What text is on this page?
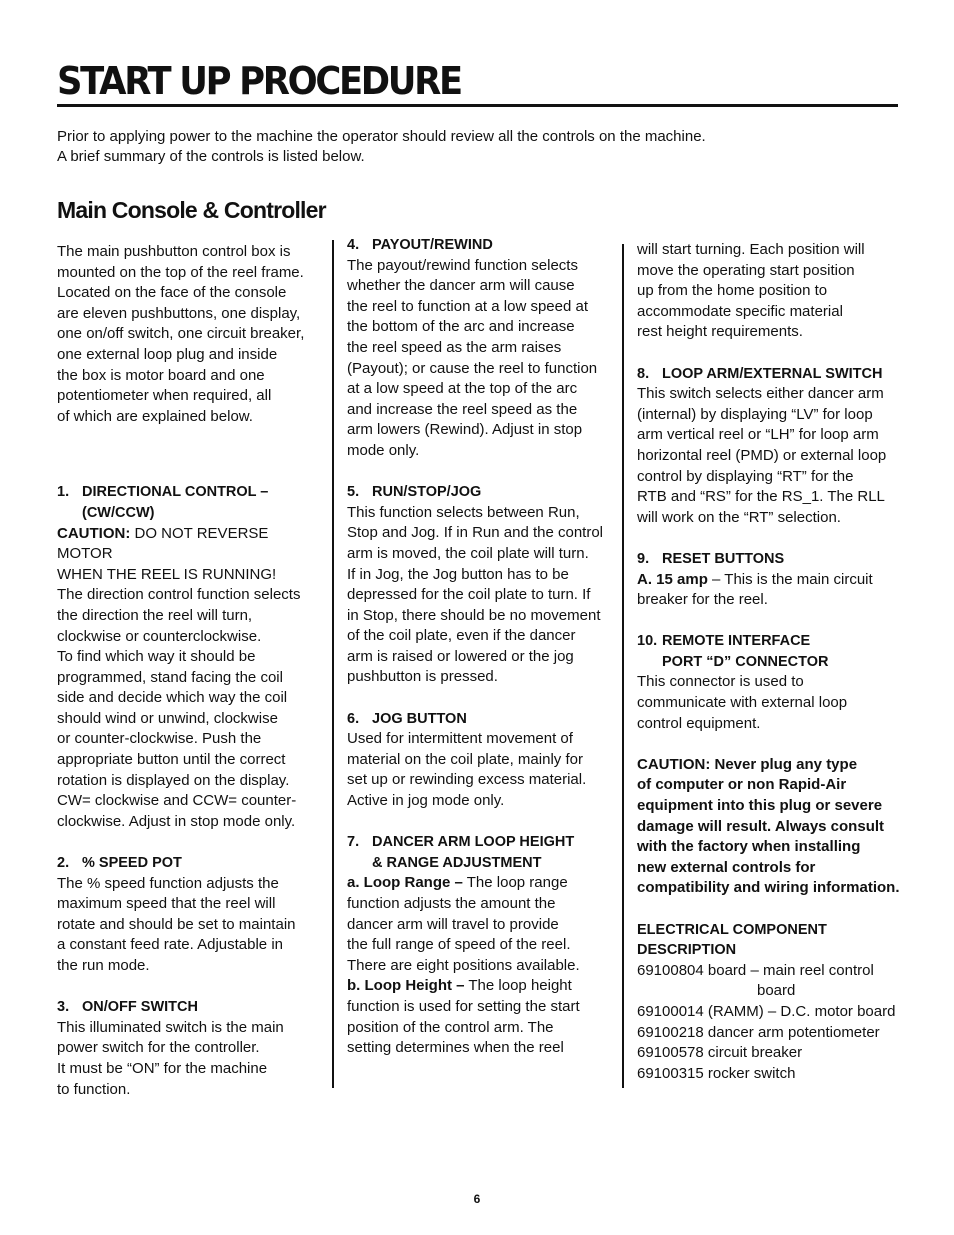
START UP PROCEDURE

Prior to applying power to the machine the operator should review all the controls on the machine.

A brief summary of the controls is listed below.

Main Console & Controller

The main pushbutton control box is

mounted on the top of the reel frame.

Located on the face of the console

are eleven pushbuttons, one display,

one on/off switch, one circuit breaker,

one external loop plug and inside

the box is motor board and one

potentiometer when required, all

of which are explained below.

1. DIRECTIONAL CONTROL –
(CW/CCW)

CAUTION: DO NOT REVERSE MOTOR

WHEN THE REEL IS RUNNING!

The direction control function selects

the direction the reel will turn,

clockwise or counterclockwise.

To find which way it should be

programmed, stand facing the coil

side and decide which way the coil

should wind or unwind, clockwise

or counter-clockwise. Push the

appropriate button until the correct

rotation is displayed on the display.

CW= clockwise and CCW= counter-

clockwise. Adjust in stop mode only.

2. % SPEED POT

The % speed function adjusts the

maximum speed that the reel will

rotate and should be set to maintain

a constant feed rate. Adjustable in

the run mode.

3. ON/OFF SWITCH

This illuminated switch is the main

power switch for the controller.

It must be “ON” for the machine

to function.

4. PAYOUT/REWIND

The payout/rewind function selects

whether the dancer arm will cause

the reel to function at a low speed at

the bottom of the arc and increase

the reel speed as the arm raises

(Payout); or cause the reel to function

at a low speed at the top of the arc

and increase the reel speed as the

arm lowers (Rewind). Adjust in stop

mode only.

5. RUN/STOP/JOG

This function selects between Run,

Stop and Jog. If in Run and the control

arm is moved, the coil plate will turn.

If in Jog, the Jog button has to be

depressed for the coil plate to turn. If

in Stop, there should be no movement

of the coil plate, even if the dancer

arm is raised or lowered or the jog

pushbutton is pressed.

6. JOG BUTTON

Used for intermittent movement of

material on the coil plate, mainly for

set up or rewinding excess material.

Active in jog mode only.

7. DANCER ARM LOOP HEIGHT
& RANGE ADJUSTMENT

a. Loop Range – The loop range

function adjusts the amount the

dancer arm will travel to provide

the full range of speed of the reel.

There are eight positions available.

b. Loop Height – The loop height

function is used for setting the start

position of the control arm. The

setting determines when the reel

will start turning. Each position will

move the operating start position

up from the home position to

accommodate specific material

rest height requirements.

8. LOOP ARM/EXTERNAL SWITCH

This switch selects either dancer arm

(internal) by displaying “LV” for loop

arm vertical reel or “LH” for loop arm

horizontal reel (PMD) or external loop

control by displaying “RT” for the

RTB and “RS” for the RS_1. The RLL

will work on the “RT” selection.

9. RESET BUTTONS

A. 15 amp – This is the main circuit

breaker for the reel.

10. REMOTE INTERFACE
PORT “D” CONNECTOR

This connector is used to

communicate with external loop

control equipment.

CAUTION: Never plug any type

of computer or non Rapid-Air

equipment into this plug or severe

damage will result. Always consult

with the factory when installing

new external controls for

compatibility and wiring information.

ELECTRICAL COMPONENT
DESCRIPTION

69100804 board – main reel control

board

69100014 (RAMM) – D.C. motor board

69100218 dancer arm potentiometer

69100578 circuit breaker

69100315 rocker switch

6
